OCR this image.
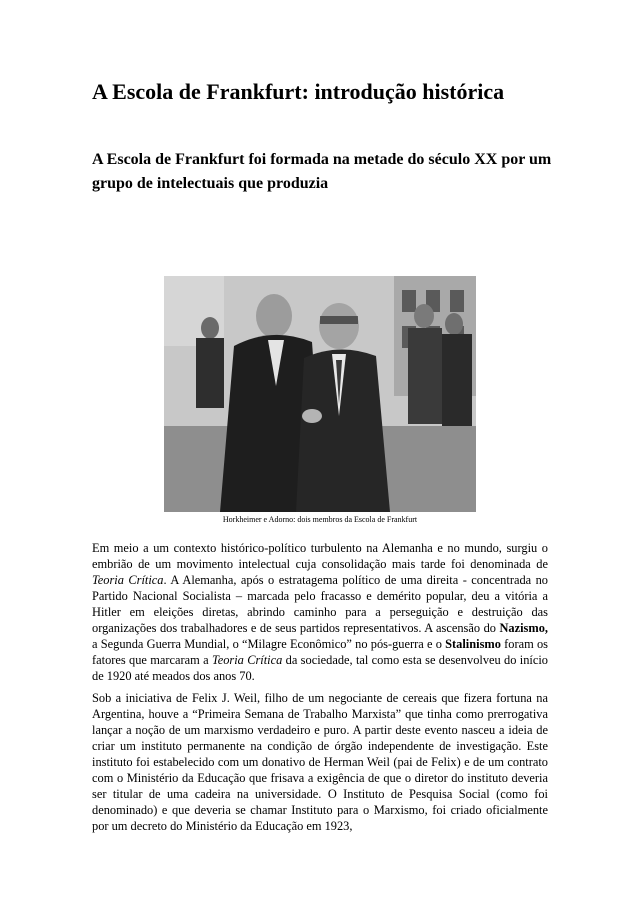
A Escola de Frankfurt: introdução histórica
A Escola de Frankfurt foi formada na metade do século XX por um grupo de intelectuais que produzia
Horkheimer e Adorno: dois membros da Escola de Frankfurt

Em meio a um contexto histórico-político turbulento na Alemanha e no mundo, surgiu o embrião de um movimento intelectual cuja consolidação mais tarde foi denominada de Teoria Crítica. A Alemanha, após o estratagema político de uma direita - concentrada no Partido Nacional Socialista – marcada pelo fracasso e demérito popular, deu a vitória a Hitler em eleições diretas, abrindo caminho para a perseguição e destruição das organizações dos trabalhadores e de seus partidos representativos. A ascensão do Nazismo, a Segunda Guerra Mundial, o “Milagre Econômico” no pós-guerra e o Stalinismo foram os fatores que marcaram a Teoria Crítica da sociedade, tal como esta se desenvolveu do início de 1920 até meados dos anos 70.

Sob a iniciativa de Felix J. Weil, filho de um negociante de cereais que fizera fortuna na Argentina, houve a “Primeira Semana de Trabalho Marxista” que tinha como prerrogativa lançar a noção de um marxismo verdadeiro e puro. A partir deste evento nasceu a ideia de criar um instituto permanente na condição de órgão independente de investigação. Este instituto foi estabelecido com um donativo de Herman Weil (pai de Felix) e de um contrato com o Ministério da Educação que frisava a exigência de que o diretor do instituto deveria ser titular de uma cadeira na universidade. O Instituto de Pesquisa Social (como foi denominado) e que deveria se chamar Instituto para o Marxismo, foi criado oficialmente por um decreto do Ministério da Educação em 1923,
